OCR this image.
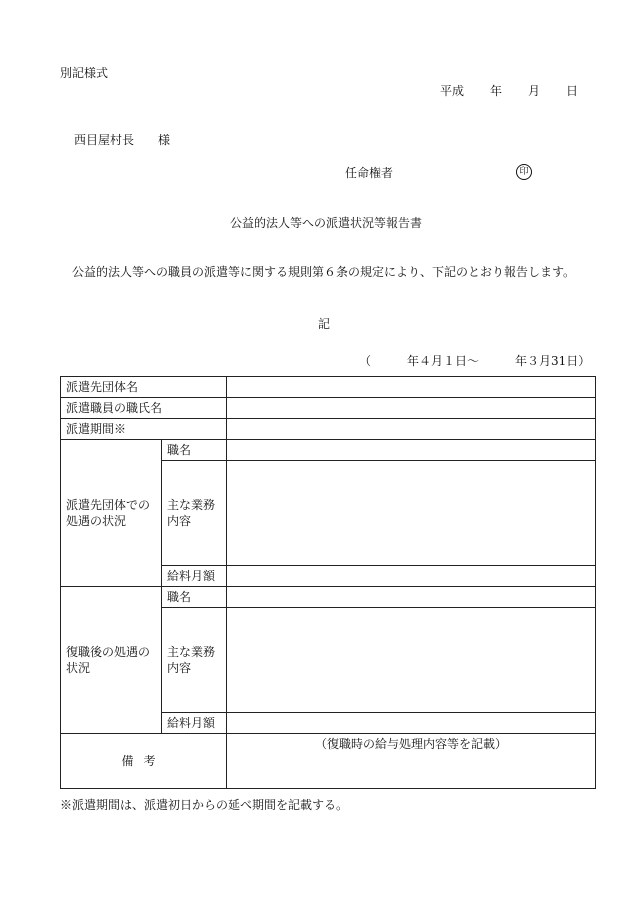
別記様式
平成 年 月 日
西目屋村長　　様
任命権者	印
公益的法人等への派遣状況等報告書
公益的法人等への職員の派遣等に関する規則第６条の規定により、下記のとおり報告します。
記
（　　　年４月１日～　　　年３月31日）
派遣先団体名		
派遣職員の職氏名		
派遣期間※		
派遣先団体での処遇の状況	職名	
	主な業務内容	
	給料月額	
復職後の処遇の状況	職名	
	主な業務内容	
	給料月額	
備考		（復職時の給与処理内容等を記載）
※派遣期間は、派遣初日からの延べ期間を記載する。
